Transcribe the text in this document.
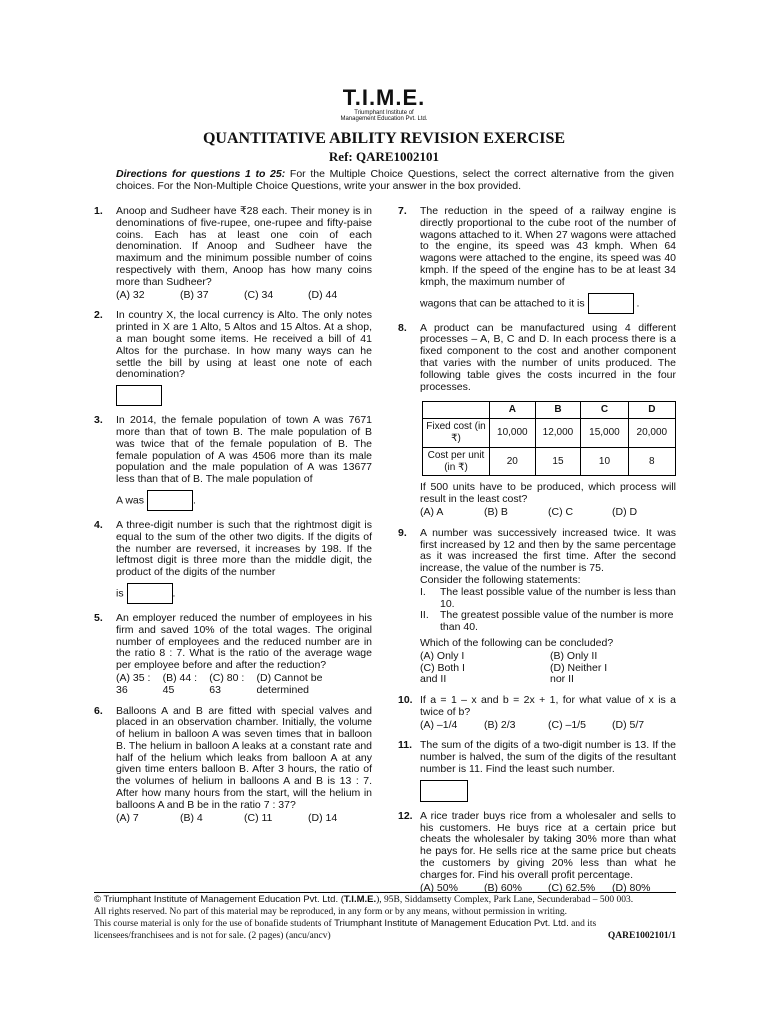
T.I.M.E.
Triumphant Institute of
Management Education Pvt. Ltd.
QUANTITATIVE ABILITY REVISION EXERCISE
Ref: QARE1002101
Directions for questions 1 to 25: For the Multiple Choice Questions, select the correct alternative from the given choices. For the Non-Multiple Choice Questions, write your answer in the box provided.
1. Anoop and Sudheer have ₹28 each. Their money is in denominations of five-rupee, one-rupee and fifty-paise coins. Each has at least one coin of each denomination. If Anoop and Sudheer have the maximum and the minimum possible number of coins respectively with them, Anoop has how many coins more than Sudheer?
(A) 32	(B) 37	(C) 34	(D) 44
2. In country X, the local currency is Alto. The only notes printed in X are 1 Alto, 5 Altos and 15 Altos. At a shop, a man bought some items. He received a bill of 41 Altos for the purchase. In how many ways can he settle the bill by using at least one note of each denomination?
3. In 2014, the female population of town A was 7671 more than that of town B. The male population of B was twice that of the female population of B. The female population of A was 4506 more than its male population and the male population of A was 13677 less than that of B. The male population of
A was	.
4. A three-digit number is such that the rightmost digit is equal to the sum of the other two digits. If the digits of the number are reversed, it increases by 198. If the leftmost digit is three more than the middle digit, the product of the digits of the number
is	.
5. An employer reduced the number of employees in his firm and saved 10% of the total wages. The original number of employees and the reduced number are in the ratio 8 : 7. What is the ratio of the average wage per employee before and after the reduction?
(A) 35 : 36
(B) 44 : 45
(C) 80 : 63
(D) Cannot be determined
6. Balloons A and B are fitted with special valves and placed in an observation chamber. Initially, the volume of helium in balloon A was seven times that in balloon B. The helium in balloon A leaks at a constant rate and half of the helium which leaks from balloon A at any given time enters balloon B. After 3 hours, the ratio of the volumes of helium in balloons A and B is 13 : 7. After how many hours from the start, will the helium in balloons A and B be in the ratio 7 : 37?
(A) 7	(B) 4	(C) 11	(D) 14
7. The reduction in the speed of a railway engine is directly proportional to the cube root of the number of wagons attached to it. When 27 wagons were attached to the engine, its speed was 43 kmph. When 64 wagons were attached to the engine, its speed was 40 kmph. If the speed of the engine has to be at least 34 kmph, the maximum number of
wagons that can be attached to it is	.
8. A product can be manufactured using 4 different processes – A, B, C and D. In each process there is a fixed component to the cost and another component that varies with the number of units produced. The following table gives the costs incurred in the four processes.
	A	B	C	D
Fixed cost (in ₹)	10,000	12,000	15,000	20,000
Cost per unit (in ₹)	20	15	10	8
If 500 units have to be produced, which process will result in the least cost?
(A) A	(B) B	(C) C	(D) D
9. A number was successively increased twice. It was first increased by 12 and then by the same percentage as it was increased the first time. After the second increase, the value of the number is 75.
Consider the following statements:
I. The least possible value of the number is less than 10.
II. The greatest possible value of the number is more than 40.
Which of the following can be concluded?
(A) Only I	(B) Only II
(C) Both I and II
(D) Neither I nor II
10. If a = 1 – x and b = 2x + 1, for what value of x is a twice of b?
(A) –1/4	(B) 2/3	(C) –1/5	(D) 5/7
11. The sum of the digits of a two-digit number is 13. If the number is halved, the sum of the digits of the resultant number is 11. Find the least such number.
12. A rice trader buys rice from a wholesaler and sells to his customers. He buys rice at a certain price but cheats the wholesaler by taking 30% more than what he pays for. He sells rice at the same price but cheats the customers by giving 20% less than what he charges for. Find his overall profit percentage.
(A) 50%	(B) 60%	(C) 62.5%	(D) 80%
© Triumphant Institute of Management Education Pvt. Ltd. (T.I.M.E.), 95B, Siddamsetty Complex, Park Lane, Secunderabad – 500 003.
All rights reserved. No part of this material may be reproduced, in any form or by any means, without permission in writing.
This course material is only for the use of bonafide students of Triumphant Institute of Management Education Pvt. Ltd. and its
QARE1002101/1
licensees/franchisees and is not for sale. (2 pages) (ancu/ancv)
